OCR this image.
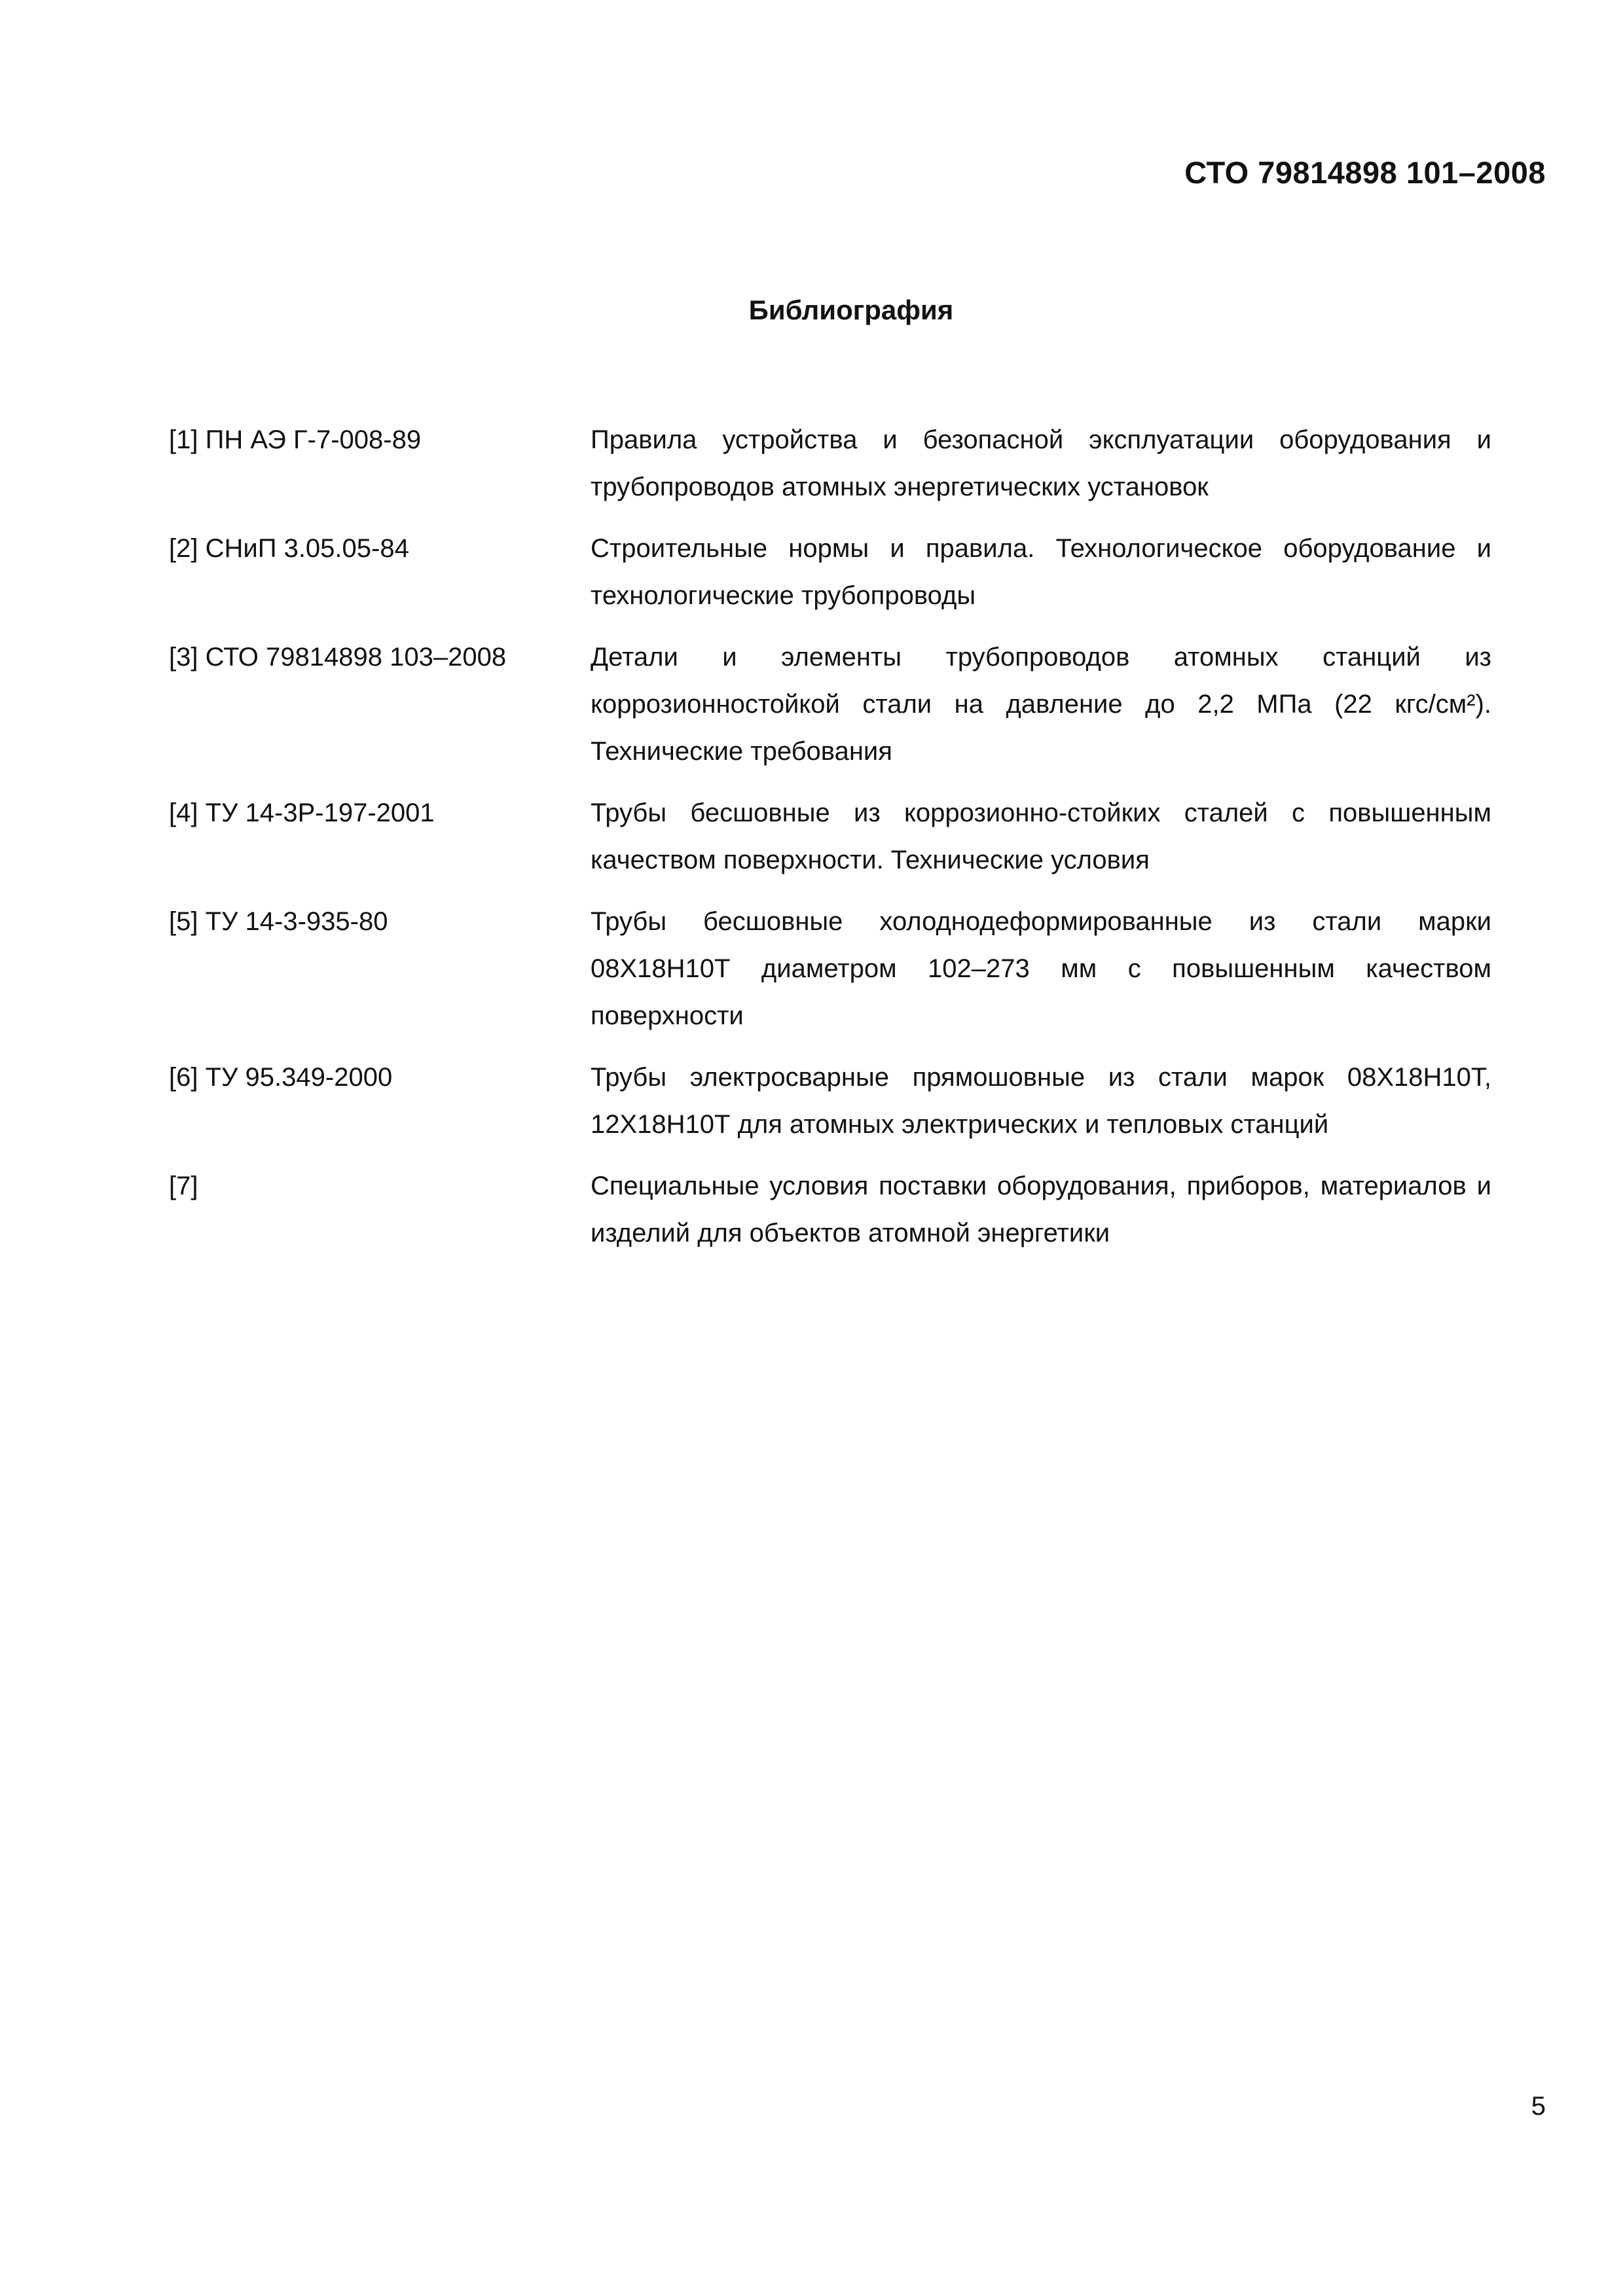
СТО 79814898 101–2008
Библиография
[1] ПН АЭ Г-7-008-89	Правила устройства и безопасной эксплуатации оборудования и трубопроводов атомных энергетических установок
[2] СНиП 3.05.05-84	Строительные нормы и правила. Технологическое оборудование и технологические трубопроводы
[3] СТО 79814898 103–2008	Детали и элементы трубопроводов атомных станций из коррозионностойкой стали на давление до 2,2 МПа (22 кгс/см²). Технические требования
[4] ТУ 14-3Р-197-2001	Трубы бесшовные из коррозионно-стойких сталей с повышенным качеством поверхности. Технические условия
[5] ТУ 14-3-935-80	Трубы бесшовные холоднодеформированные из стали марки 08Х18Н10Т диаметром 102–273 мм с повышенным качеством поверхности
[6] ТУ 95.349-2000	Трубы электросварные прямошовные из стали марок 08Х18Н10Т, 12Х18Н10Т для атомных электрических и тепловых станций
[7]	Специальные условия поставки оборудования, приборов, материалов и изделий для объектов атомной энергетики
5
